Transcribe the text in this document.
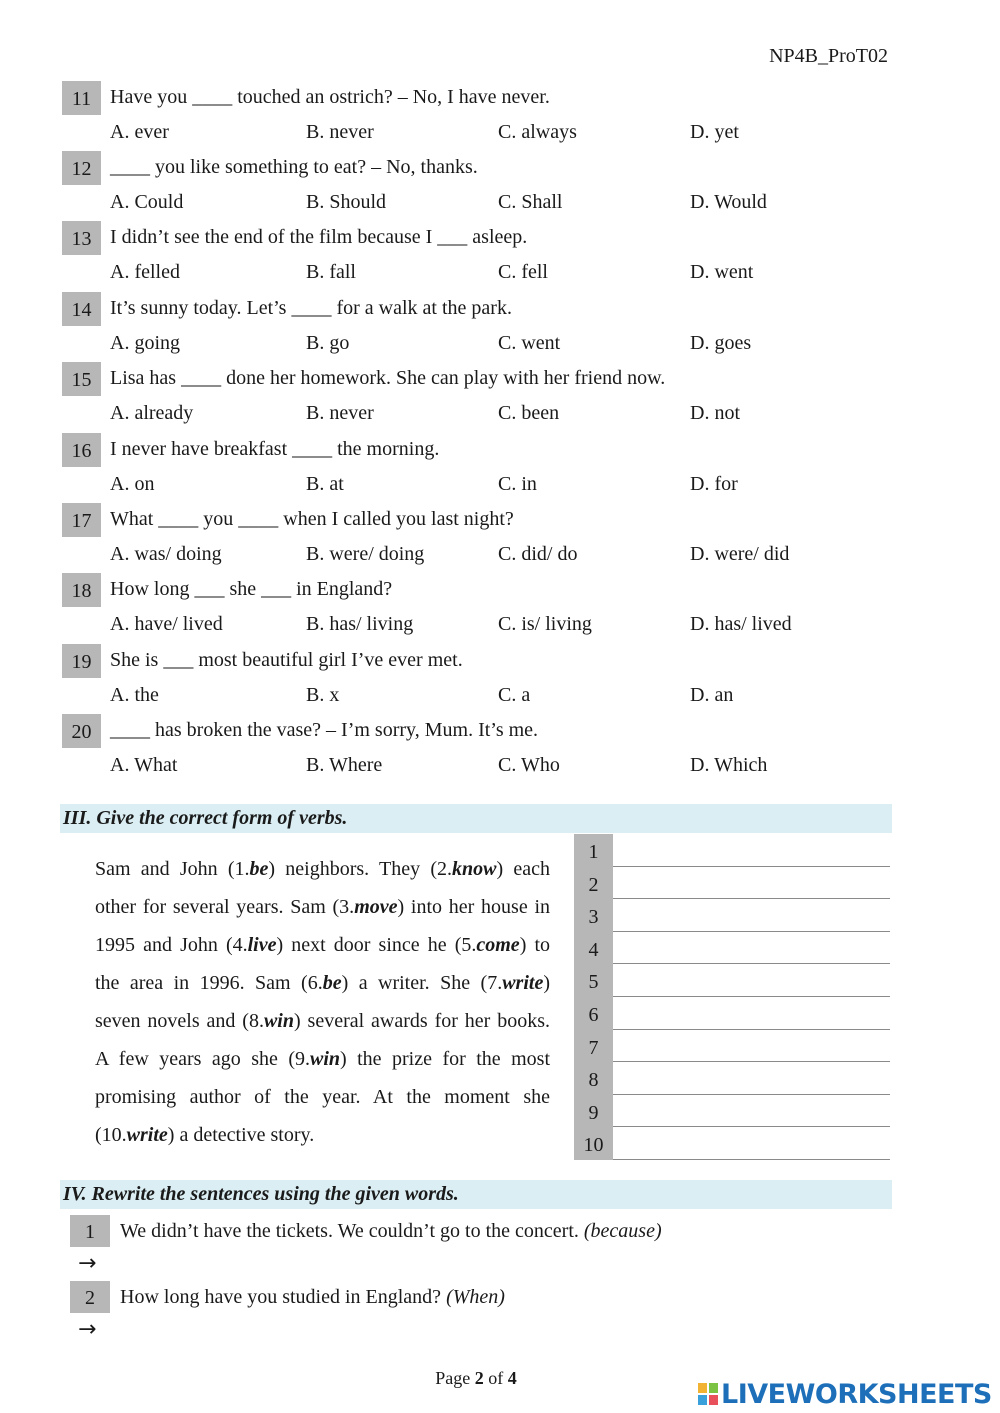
NP4B_ProT02
11 Have you ____ touched an ostrich? – No, I have never.
A. ever	B. never	C. always	D. yet
12 ____ you like something to eat? – No, thanks.
A. Could	B. Should	C. Shall	D. Would
13 I didn’t see the end of the film because I ___ asleep.
A. felled	B. fall	C. fell	D. went
14 It’s sunny today. Let’s ____ for a walk at the park.
A. going	B. go	C. went	D. goes
15 Lisa has ____ done her homework. She can play with her friend now.
A. already	B. never	C. been	D. not
16 I never have breakfast ____ the morning.
A. on	B. at	C. in	D. for
17 What ____ you ____ when I called you last night?
A. was/ doing	B. were/ doing	C. did/ do	D. were/ did
18 How long ___ she ___ in England?
A. have/ lived	B. has/ living	C. is/ living	D. has/ lived
19 She is ___ most beautiful girl I’ve ever met.
A. the	B. x	C. a	D. an
20 ____ has broken the vase? – I’m sorry, Mum. It’s me.
A. What	B. Where	C. Who	D. Which
III. Give the correct form of verbs.
Sam and John (1.be) neighbors. They (2.know) each other for several years. Sam (3.move) into her house in 1995 and John (4.live) next door since he (5.come) to the area in 1996. Sam (6.be) a writer. She (7.write) seven novels and (8.win) several awards for her books. A few years ago she (9.win) the prize for the most promising author of the year. At the moment she (10.write) a detective story.
1
2
3
4
5
6
7
8
9
10
IV. Rewrite the sentences using the given words.
1	We didn’t have the tickets. We couldn’t go to the concert. (because)
→
2	How long have you studied in England? (When)
→
Page 2 of 4
LIVEWORKSHEETS
